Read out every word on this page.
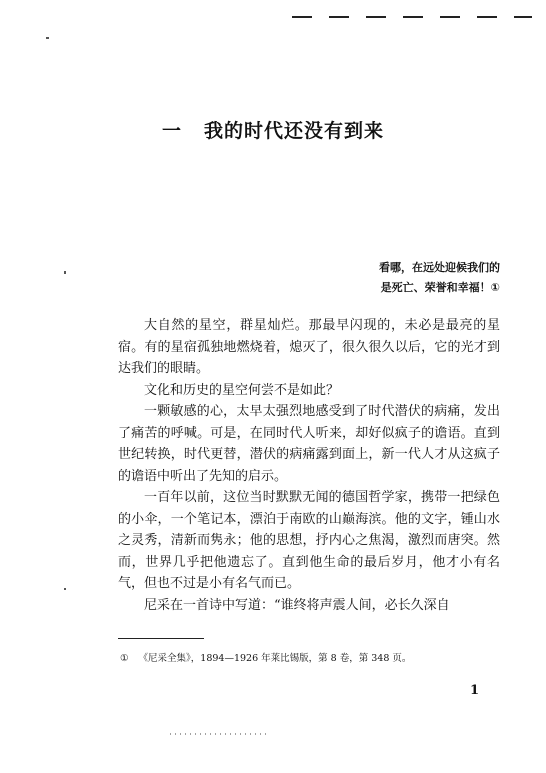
一 我的时代还没有到来
看哪，在远处迎候我们的
是死亡、荣誉和幸福！①

大自然的星空，群星灿烂。那最早闪现的，未必是最亮的星宿。有的星宿孤独地燃烧着，熄灭了，很久很久以后，它的光才到达我们的眼睛。

文化和历史的星空何尝不是如此？

一颗敏感的心，太早太强烈地感受到了时代潜伏的病痛，发出了痛苦的呼喊。可是，在同时代人听来，却好似疯子的谵语。直到世纪转换，时代更替，潜伏的病痛露到面上，新一代人才从这疯子的谵语中听出了先知的启示。

一百年以前，这位当时默默无闻的德国哲学家，携带一把绿色的小伞，一个笔记本，漂泊于南欧的山巅海滨。他的文字，锺山水之灵秀，清新而隽永；他的思想，抒内心之焦渴，激烈而唐突。然而，世界几乎把他遗忘了。直到他生命的最后岁月，他才小有名气，但也不过是小有名气而已。

尼采在一首诗中写道：“谁终将声震人间，必长久深自

① 《尼采全集》，1894—1926 年莱比锡版，第 8 卷，第 348 页。
1
